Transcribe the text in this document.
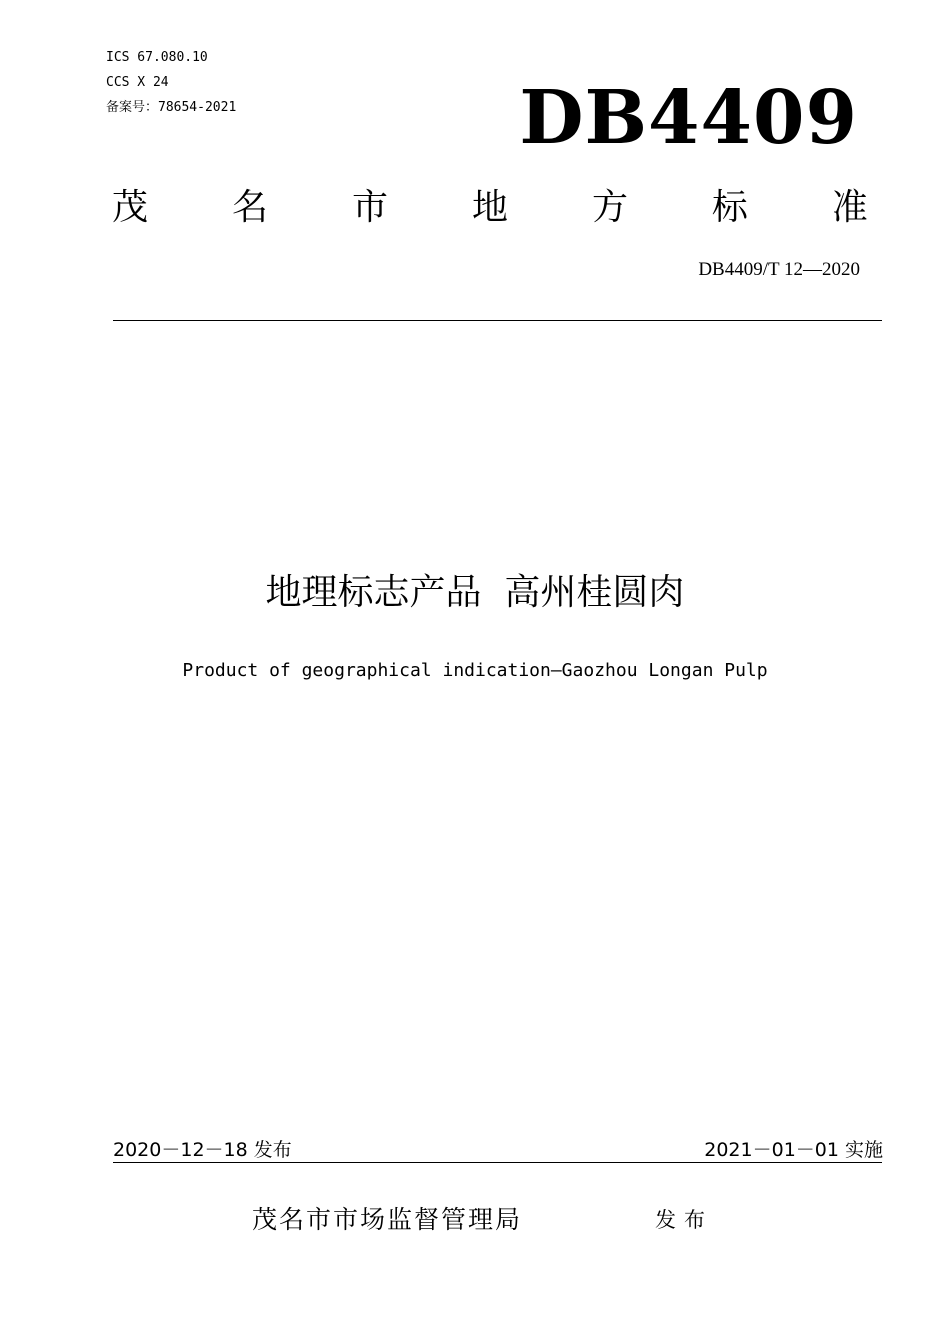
ICS 67.080.10
CCS X 24
备案号：78654-2021	DB4409
茂 名 市 地 方 标 准
DB4409/T 12—2020
地理标志产品  高州桂圆肉
Product of geographical indication—Gaozhou Longan Pulp
2020－12－18 发布	2021－01－01 实施
茂名市市场监督管理局	发布
